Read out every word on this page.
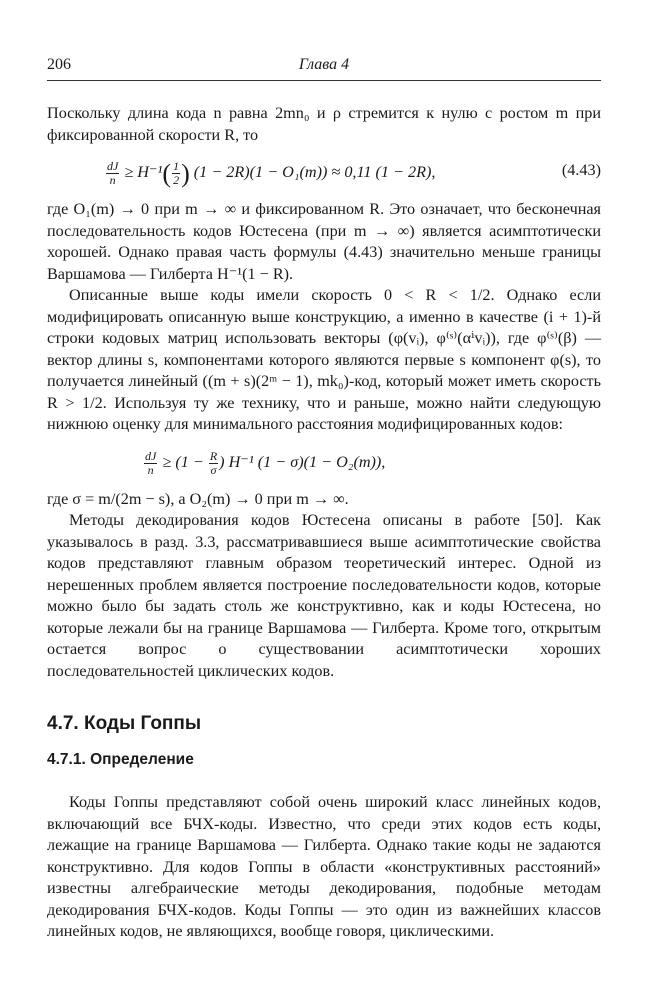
206	Глава 4

Поскольку длина кода n равна 2mn₀ и ρ стремится к нулю с ростом m при фиксированной скорости R, то

$\frac{dJ}{n} \ge H^{-1}( \frac{1}{2}$ ) (1 − 2R)(1 − O₁(m)) ≈ 0,11 (1 − 2R),	(4.43)

где O₁(m) → 0 при m → ∞ и фиксированном R. Это означает, что бесконечная последовательность кодов Юстесена (при m → ∞) является асимптотически хорошей. Однако правая часть формулы (4.43) значительно меньше границы Варшамова — Гилберта H⁻¹(1 − R).

Описанные выше коды имели скорость 0 < R < 1/2. Однако если модифицировать описанную выше конструкцию, а именно в качестве (i + 1)-й строки кодовых матриц использовать векторы (φ(vᵢ), φ⁽ˢ⁾(αⁱvᵢ)), где φ⁽ˢ⁾(β) — вектор длины s, компонентами которого являются первые s компонент φ(s), то получается линейный ((m + s)(2ᵐ − 1), mk₀)-код, который может иметь скорость R > 1/2. Используя ту же технику, что и раньше, можно найти следующую нижнюю оценку для минимального расстояния модифицированных кодов:

$\frac{dJ}{n} \ge (1 - \frac{R}{\sigma}$ ) H⁻¹ (1 − σ)(1 − O₂(m)),

где σ = m/(2m − s), а O₂(m) → 0 при m → ∞.

Методы декодирования кодов Юстесена описаны в работе [50]. Как указывалось в разд. 3.3, рассматривавшиеся выше асимптотические свойства кодов представляют главным образом теоретический интерес. Одной из нерешенных проблем является построение последовательности кодов, которые можно было бы задать столь же конструктивно, как и коды Юстесена, но которые лежали бы на границе Варшамова — Гилберта. Кроме того, открытым остается вопрос о существовании асимптотически хороших последовательностей циклических кодов.

4.7. Коды Гоппы
4.7.1. Определение

Коды Гоппы представляют собой очень широкий класс линейных кодов, включающий все БЧХ-коды. Известно, что среди этих кодов есть коды, лежащие на границе Варшамова — Гилберта. Однако такие коды не задаются конструктивно. Для кодов Гоппы в области «конструктивных расстояний» известны алгебраические методы декодирования, подобные методам декодирования БЧХ-кодов. Коды Гоппы — это один из важнейших классов линейных кодов, не являющихся, вообще говоря, циклическими.
